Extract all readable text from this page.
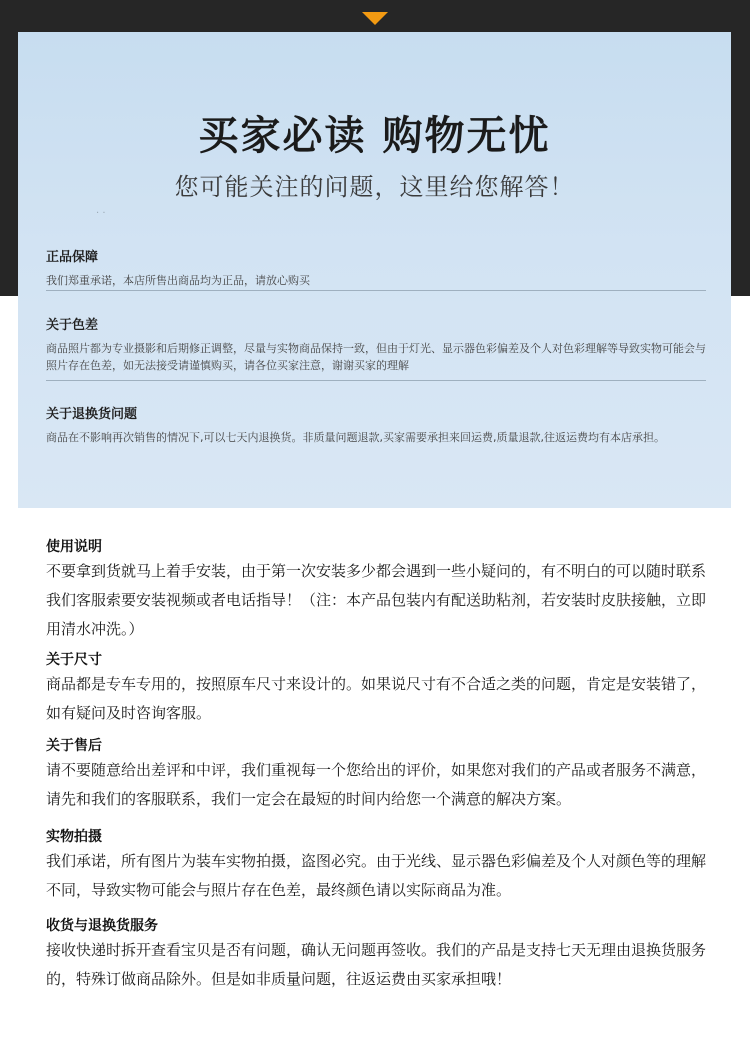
买家必读 购物无忧
您可能关注的问题，这里给您解答！
· ·
正品保障
我们郑重承诺，本店所售出商品均为正品，请放心购买
关于色差
商品照片都为专业摄影和后期修正调整，尽量与实物商品保持一致，但由于灯光、显示器色彩偏差及个人对色彩理解等导致实物可能会与照片存在色差，如无法接受请谨慎购买，请各位买家注意，谢谢买家的理解
关于退换货问题
商品在不影响再次销售的情况下,可以七天内退换货。非质量问题退款,买家需要承担来回运费,质量退款,往返运费均有本店承担。
使用说明
不要拿到货就马上着手安装，由于第一次安装多少都会遇到一些小疑问的，有不明白的可以随时联系我们客服索要安装视频或者电话指导！（注：本产品包装内有配送助粘剂，若安装时皮肤接触，立即用清水冲洗。）
关于尺寸
商品都是专车专用的，按照原车尺寸来设计的。如果说尺寸有不合适之类的问题，肯定是安装错了，如有疑问及时咨询客服。
关于售后
请不要随意给出差评和中评，我们重视每一个您给出的评价，如果您对我们的产品或者服务不满意，请先和我们的客服联系，我们一定会在最短的时间内给您一个满意的解决方案。
实物拍摄
我们承诺，所有图片为装车实物拍摄，盗图必究。由于光线、显示器色彩偏差及个人对颜色等的理解不同，导致实物可能会与照片存在色差，最终颜色请以实际商品为准。
收货与退换货服务
接收快递时拆开查看宝贝是否有问题，确认无问题再签收。我们的产品是支持七天无理由退换货服务的，特殊订做商品除外。但是如非质量问题，往返运费由买家承担哦！
